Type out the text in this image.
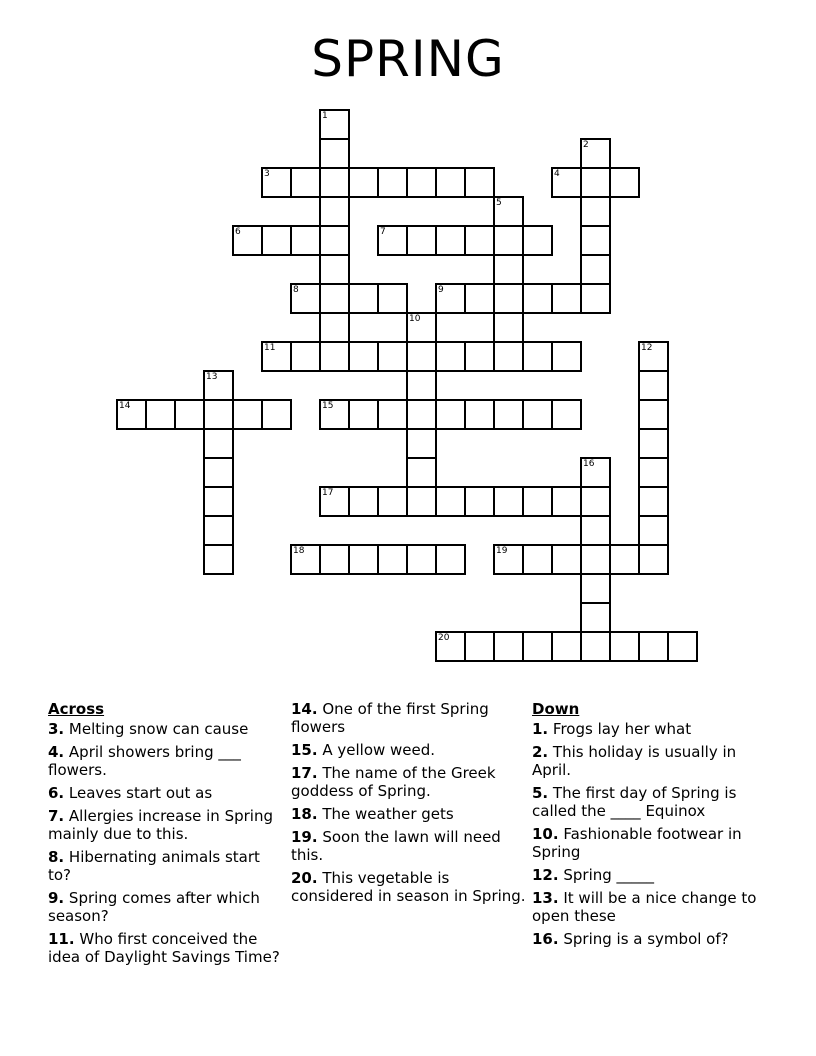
SPRING
1
2
3	4
5
6	7
8	9
10
11	12
13
14	15
16
17
18	19
20
Across
3. Melting snow can cause
4. April showers bring ___ flowers.
6. Leaves start out as
7. Allergies increase in Spring mainly due to this.
8. Hibernating animals start to?
9. Spring comes after which season?
11. Who first conceived the idea of Daylight Savings Time?
14. One of the first Spring flowers
15. A yellow weed.
17. The name of the Greek goddess of Spring.
18. The weather gets
19. Soon the lawn will need this.
20. This vegetable is considered in season in Spring.
Down
1. Frogs lay her what
2. This holiday is usually in April.
5. The first day of Spring is called the ____ Equinox
10. Fashionable footwear in Spring
12. Spring _____
13. It will be a nice change to open these
16. Spring is a symbol of?
